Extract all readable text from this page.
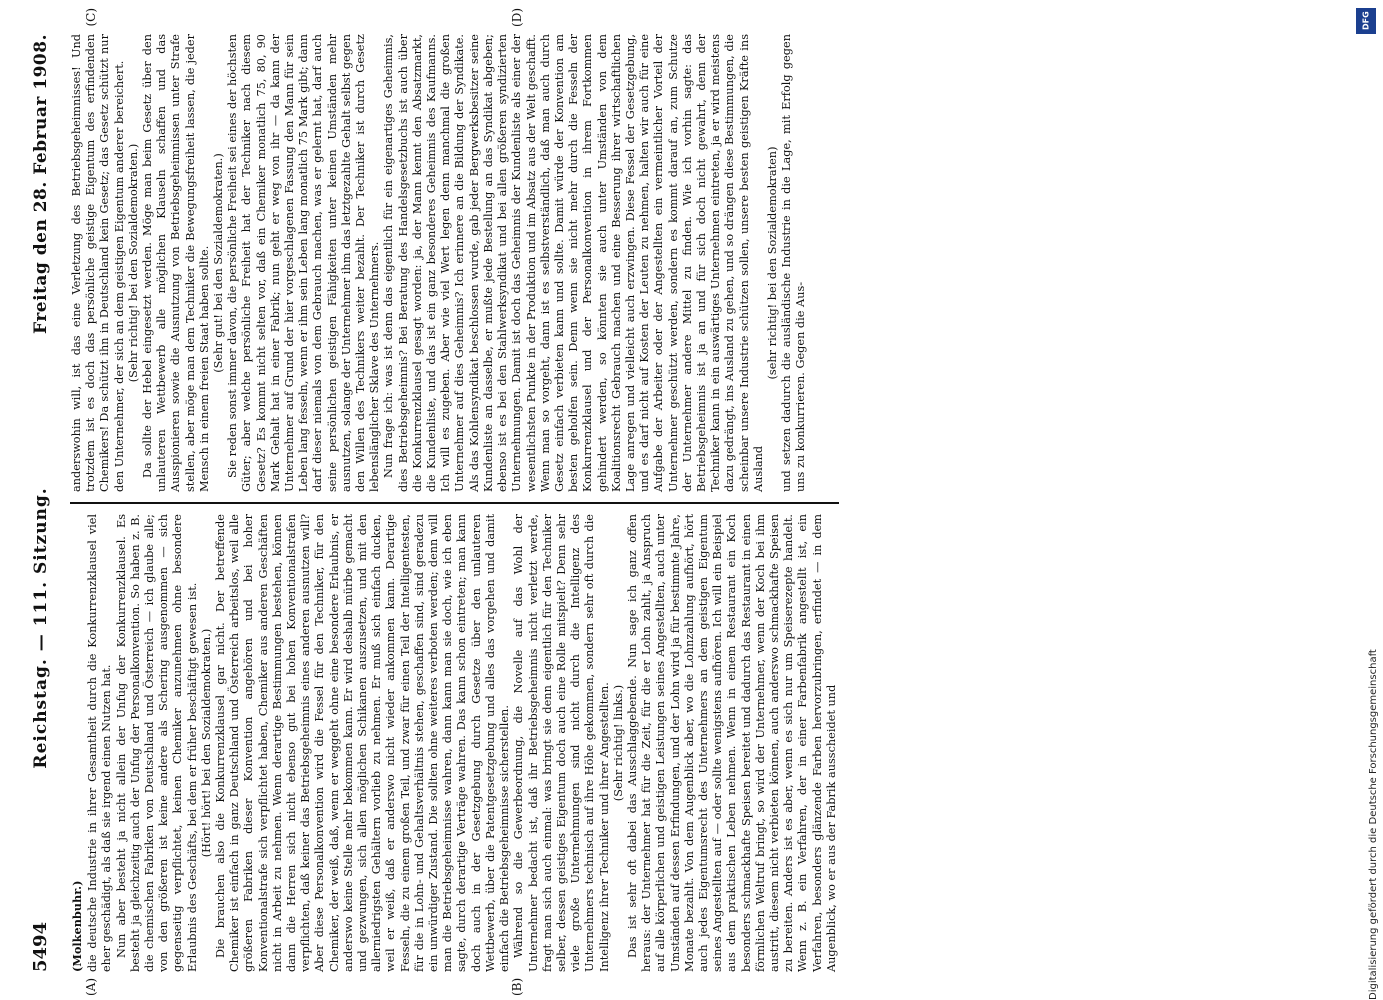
5494
Reichstag. — 111. Sitzung.
Freitag den 28. Februar 1908.
(A)	(B)
(C)	(D)

(Molkenbuhr.) die deutsche Industrie in ihrer Gesamtheit durch die Konkurrenzklausel viel eher geschädigt, als daß sie irgend einen Nutzen hat. Nun aber besteht ja nicht allein der Unfug der Konkurrenzklausel. Es besteht ja gleichzeitig auch der Unfug der Personalkonvention. So haben z. B. die chemischen Fabriken von Deutschland und Österreich — ich glaube alle; von den größeren ist keine andere als Schering ausgenommen — sich gegenseitig verpflichtet, keinen Chemiker anzunehmen ohne besondere Erlaubnis des Geschäfts, bei dem er früher beschäftigt gewesen ist. (Hört! hört! bei den Sozialdemokraten.) Die brauchen also die Konkurrenzklausel gar nicht. Der betreffende Chemiker ist einfach in ganz Deutschland und Österreich arbeitslos, weil alle größeren Fabriken dieser Konvention angehören und bei hoher Konventionalstrafe sich verpflichtet haben, Chemiker aus anderen Geschäften nicht in Arbeit zu nehmen. Wenn derartige Bestimmungen bestehen, können dann die Herren sich nicht ebenso gut bei hohen Konventionalstrafen verpflichten, daß keiner das Betriebsgeheimnis eines anderen ausnutzen will? Aber diese Personalkonvention wird die Fessel für den Techniker, für den Chemiker, der weiß, daß, wenn er weggeht ohne eine besondere Erlaubnis, er anderswo keine Stelle mehr bekommen kann. Er wird deshalb mürbe gemacht und gezwungen, sich allen möglichen Schikanen auszusetzen, und mit den allerniedrigsten Gehältern vorlieb zu nehmen. Er muß sich einfach ducken, weil er weiß, daß er anderswo nicht wieder ankommen kann. Derartige Fesseln, die zu einem großen Teil, und zwar für einen Teil der Intelligentesten, für die in Lohn- und Gehaltsverhältnis stehen, geschaffen sind, sind geradezu ein unwürdiger Zustand. Die sollten ohne weiteres verboten werden; denn will man die Betriebsgeheimnisse wahren, dann kann man sie doch, wie ich eben sagte, durch derartige Verträge wahren. Das kann schon eintreten; man kann doch auch in der Gesetzgebung durch Gesetze über den unlauteren Wettbewerb, über die Patentgesetzgebung und alles das vorgehen und damit einfach die Betriebsgeheimnisse sicherstellen. Während so die Gewerbeordnung, die Novelle auf das Wohl der Unternehmer bedacht ist, daß ihr Betriebsgeheimnis nicht verletzt werde, fragt man sich auch einmal: was bringt sie denn eigentlich für den Techniker selber, dessen geistiges Eigentum doch auch eine Rolle mitspielt? Denn sehr viele große Unternehmungen sind nicht durch die Intelligenz des Unternehmers technisch auf ihre Höhe gekommen, sondern sehr oft durch die Intelligenz ihrer Techniker und ihrer Angestellten. (Sehr richtig! links.) Das ist sehr oft dabei das Ausschlaggebende. Nun sage ich ganz offen heraus: der Unternehmer hat für die Zeit, für die er Lohn zahlt, ja Anspruch auf alle körperlichen und geistigen Leistungen seines Angestellten, auch unter Umständen auf dessen Erfindungen, und der Lohn wird ja für bestimmte Jahre, Monate bezahlt. Von dem Augenblick aber, wo die Lohnzahlung aufhört, hört auch jedes Eigentumsrecht des Unternehmers an dem geistigen Eigentum seines Angestellten auf — oder sollte wenigstens aufhören. Ich will ein Beispiel aus dem praktischen Leben nehmen. Wenn in einem Restaurant ein Koch besonders schmackhafte Speisen bereitet und dadurch das Restaurant in einen förmlichen Weltruf bringt, so wird der Unternehmer, wenn der Koch bei ihm austritt, diesem nicht verbieten können, auch anderswo schmackhafte Speisen zu bereiten. Anders ist es aber, wenn es sich nur um Speiserezepte handelt. Wenn z. B. ein Verfahren, der in einer Farbenfabrik angestellt ist, ein Verfahren, besonders glänzende Farben hervorzubringen, erfindet — in dem Augenblick, wo er aus der Fabrik ausscheidet und

anderswohin will, ist das eine Verletzung des Betriebsgeheimnisses! Und trotzdem ist es doch das persönliche geistige Eigentum des erfindenden Chemikers! Da schützt ihn in Deutschland kein Gesetz; das Gesetz schützt nur den Unternehmer, der sich an dem geistigen Eigentum anderer bereichert. (Sehr richtig! bei den Sozialdemokraten.) Da sollte der Hebel eingesetzt werden. Möge man beim Gesetz über den unlauteren Wettbewerb alle möglichen Klauseln schaffen und das Ausspionieren sowie die Ausnutzung von Betriebsgeheimnissen unter Strafe stellen, aber möge man dem Techniker die Bewegungsfreiheit lassen, die jeder Mensch in einem freien Staat haben sollte. (Sehr gut! bei den Sozialdemokraten.) Sie reden sonst immer davon, die persönliche Freiheit sei eines der höchsten Güter; aber welche persönliche Freiheit hat der Techniker nach diesem Gesetz? Es kommt nicht selten vor, daß ein Chemiker monatlich 75, 80, 90 Mark Gehalt hat in einer Fabrik; nun geht er weg von ihr — da kann der Unternehmer auf Grund der hier vorgeschlagenen Fassung den Mann für sein Leben lang fesseln, wenn er ihm sein Leben lang monatlich 75 Mark gibt; dann darf dieser niemals von dem Gebrauch machen, was er gelernt hat, darf auch seine persönlichen geistigen Fähigkeiten unter keinen Umständen mehr ausnutzen, solange der Unternehmer ihm das letztgezahlte Gehalt selbst gegen den Willen des Technikers weiter bezahlt. Der Techniker ist durch Gesetz lebenslänglicher Sklave des Unternehmers. Nun frage ich: was ist denn das eigentlich für ein eigenartiges Geheimnis, dies Betriebsgeheimnis? Bei Beratung des Handelsgesetzbuchs ist auch über die Konkurrenzklausel gesagt worden: ja, der Mann kennt den Absatzmarkt, die Kundenliste, und das ist ein ganz besonderes Geheimnis des Kaufmanns. Ich will es zugeben. Aber wie viel Wert legen denn manchmal die großen Unternehmer auf dies Geheimnis? Ich erinnere an die Bildung der Syndikate. Als das Kohlensyndikat beschlossen wurde, gab jeder Bergwerksbesitzer seine Kundenliste an dasselbe, er mußte jede Bestellung an das Syndikat abgeben; ebenso ist es bei den Stahlwerksyndikat und bei allen größeren syndizierten Unternehmungen. Damit ist doch das Geheimnis der Kundenliste als einer der wesentlichsten Punkte in der Produktion und im Absatz aus der Welt geschafft. Wenn man so vorgeht, dann ist es selbstverständlich, daß man auch durch Gesetz einfach verbieten kann und sollte. Damit würde der Konvention am besten geholfen sein. Denn wenn sie nicht mehr durch die Fesseln der Konkurrenzklausel und der Personalkonvention in ihrem Fortkommen gehindert werden, so könnten sie auch unter Umständen von dem Koalitionsrecht Gebrauch machen und eine Besserung ihrer wirtschaftlichen Lage anregen und vielleicht auch erzwingen. Diese Fessel der Gesetzgebung, und es darf nicht auf Kosten der Leuten zu nehmen, halten wir auch für eine Aufgabe der Arbeiter oder der Angestellten ein vermeintlicher Vorteil der Unternehmer geschützt werden, sondern es kommt darauf an, zum Schutze der Unternehmer andere Mittel zu finden. Wie ich vorhin sagte: das Betriebsgeheimnis ist ja an und für sich doch nicht gewahrt, denn der Techniker kann in ein auswärtiges Unternehmen eintreten, ja er wird meistens dazu gedrängt, ins Ausland zu gehen, und so drängen diese Bestimmungen, die scheinbar unsere Industrie schützen sollen, unsere besten geistigen Kräfte ins Ausland

(sehr richtig! bei den Sozialdemokraten) und setzen dadurch die ausländische Industrie in die Lage, mit Erfolg gegen uns zu konkurrieren. Gegen die Aus-

DFG
Digitalisierung gefördert durch die Deutsche Forschungsgemeinschaft
